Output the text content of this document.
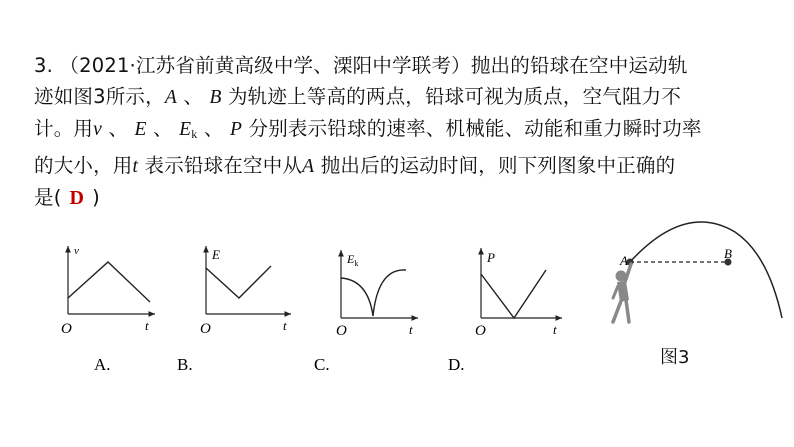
3. （2021·江苏省前黄高级中学、溧阳中学联考）抛出的铅球在空中运动轨
迹如图3所示，A 、 B 为轨迹上等高的两点，铅球可视为质点，空气阻力不
计。用v 、 E 、 $E_k$ 、 P 分别表示铅球的速率、机械能、动能和重力瞬时功率
的大小，用t 表示铅球在空中从A 抛出后的运动时间，则下列图象中正确的
是( D )
v
O	t
A.
E
O	t
B.
$E_k$
O	t
C.
P
O	t
D.
A	B
图3
